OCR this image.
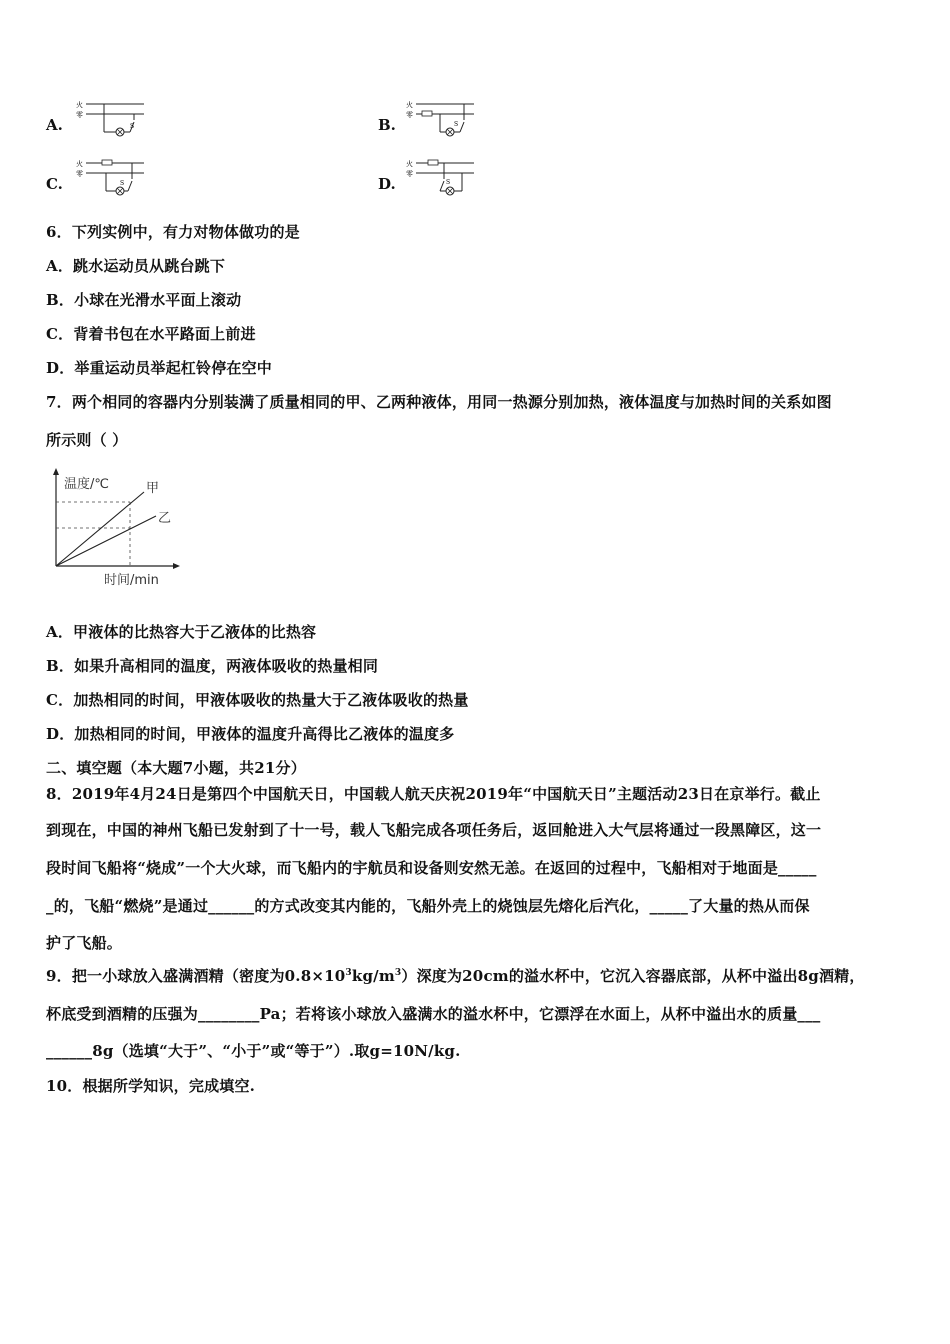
A.
火
零
S	B.
火
零
S
C.
火
零
S	D.
火
零
S
6．下列实例中，有力对物体做功的是
A．跳水运动员从跳台跳下
B．小球在光滑水平面上滚动
C．背着书包在水平路面上前进
D．举重运动员举起杠铃停在空中
7．两个相同的容器内分别装满了质量相同的甲、乙两种液体，用同一热源分别加热，液体温度与加热时间的关系如图
所示则（ ）
温度/℃
时间/min
甲
乙
A．甲液体的比热容大于乙液体的比热容
B．如果升高相同的温度，两液体吸收的热量相同
C．加热相同的时间，甲液体吸收的热量大于乙液体吸收的热量
D．加热相同的时间，甲液体的温度升高得比乙液体的温度多
二、填空题（本大题7小题，共21分）
8．2019年4月24日是第四个中国航天日，中国载人航天庆祝2019年“中国航天日”主题活动23日在京举行。截止
到现在，中国的神州飞船已发射到了十一号，载人飞船完成各项任务后，返回舱进入大气层将通过一段黑障区，这一
段时间飞船将“烧成”一个大火球，而飞船内的宇航员和设备则安然无恙。在返回的过程中，飞船相对于地面是_____
_的，飞船“燃烧”是通过______的方式改变其内能的，飞船外壳上的烧蚀层先熔化后汽化，_____了大量的热从而保
护了飞船。
9．把一小球放入盛满酒精（密度为$0.8\times 10^3kg/m^3$）深度为20cm的溢水杯中，它沉入容器底部，从杯中溢出8g酒精，
杯底受到酒精的压强为________Pa；若将该小球放入盛满水的溢水杯中，它漂浮在水面上，从杯中溢出水的质量___
______8g（选填“大于”、“小于”或“等于”）.取g=10N/kg.
10．根据所学知识，完成填空.
